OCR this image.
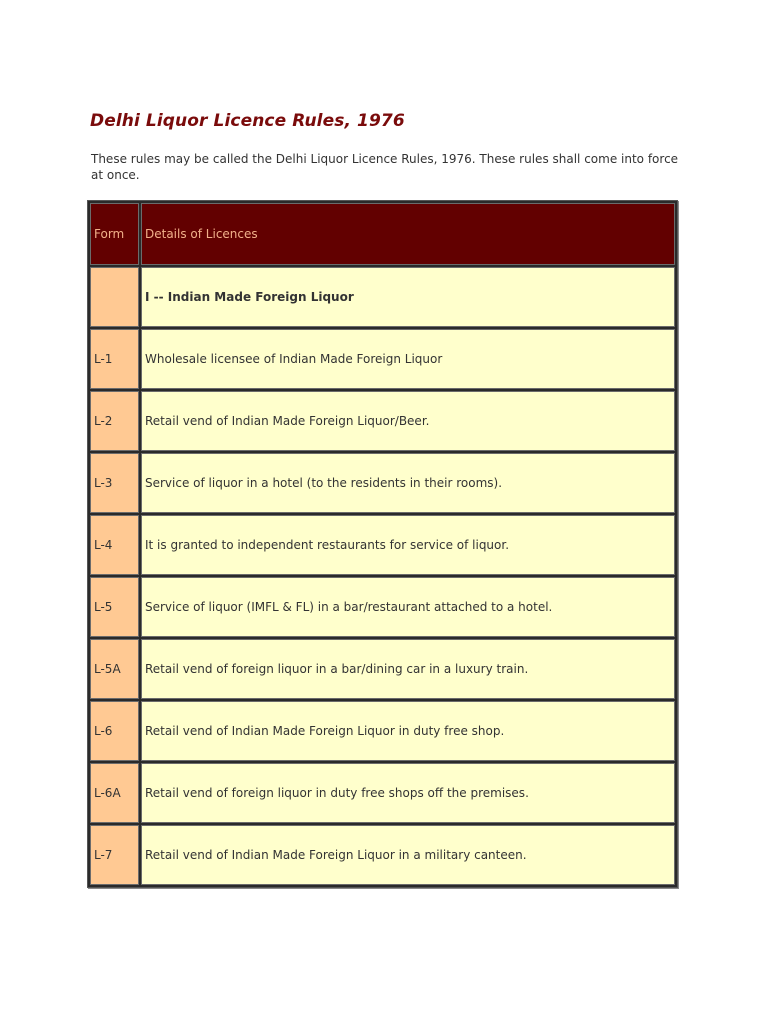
Delhi Liquor Licence Rules, 1976

These rules may be called the Delhi Liquor Licence Rules, 1976. These rules shall come into force at once.

Form	Details of Licences
	I -- Indian Made Foreign Liquor
L-1	Wholesale licensee of Indian Made Foreign Liquor
L-2	Retail vend of Indian Made Foreign Liquor/Beer.
L-3	Service of liquor in a hotel (to the residents in their rooms).
L-4	It is granted to independent restaurants for service of liquor.
L-5	Service of liquor (IMFL & FL) in a bar/restaurant attached to a hotel.
L-5A	Retail vend of foreign liquor in a bar/dining car in a luxury train.
L-6	Retail vend of Indian Made Foreign Liquor in duty free shop.
L-6A	Retail vend of foreign liquor in duty free shops off the premises.
L-7	Retail vend of Indian Made Foreign Liquor in a military canteen.
